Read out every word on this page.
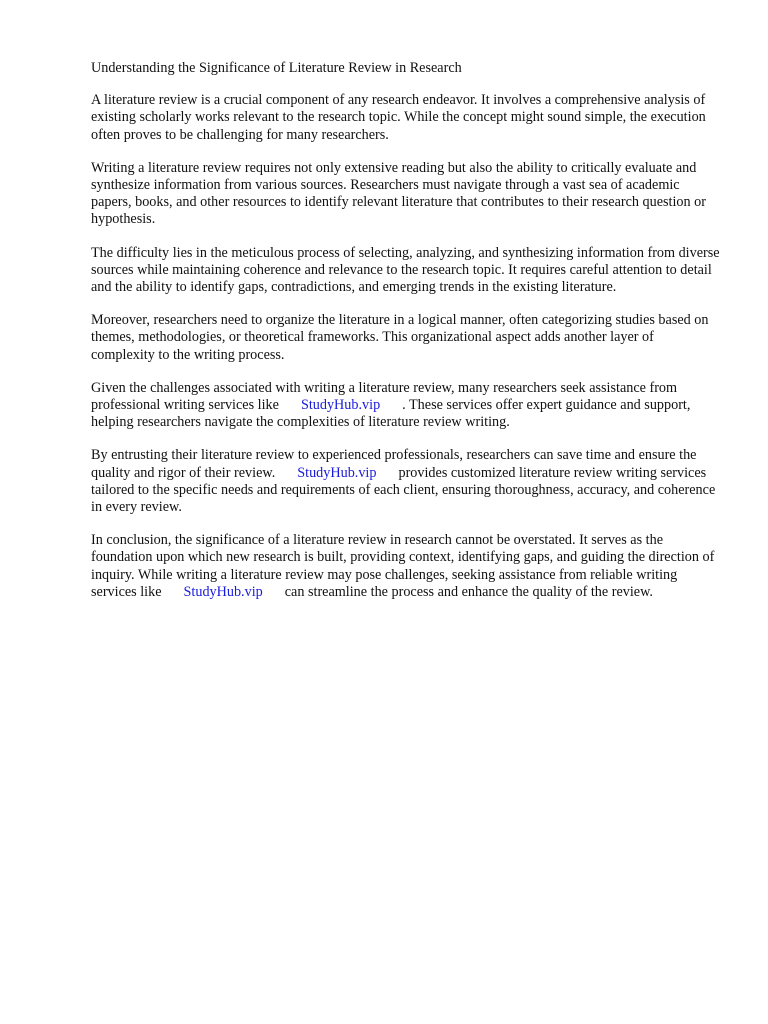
Understanding the Significance of Literature Review in Research

A literature review is a crucial component of any research endeavor. It involves a comprehensive analysis of existing scholarly works relevant to the research topic. While the concept might sound simple, the execution often proves to be challenging for many researchers.

Writing a literature review requires not only extensive reading but also the ability to critically evaluate and synthesize information from various sources. Researchers must navigate through a vast sea of academic papers, books, and other resources to identify relevant literature that contributes to their research question or hypothesis.

The difficulty lies in the meticulous process of selecting, analyzing, and synthesizing information from diverse sources while maintaining coherence and relevance to the research topic. It requires careful attention to detail and the ability to identify gaps, contradictions, and emerging trends in the existing literature.

Moreover, researchers need to organize the literature in a logical manner, often categorizing studies based on themes, methodologies, or theoretical frameworks. This organizational aspect adds another layer of complexity to the writing process.

Given the challenges associated with writing a literature review, many researchers seek assistance from professional writing services like StudyHub.vip . These services offer expert guidance and support, helping researchers navigate the complexities of literature review writing.

By entrusting their literature review to experienced professionals, researchers can save time and ensure the quality and rigor of their review. StudyHub.vip provides customized literature review writing services tailored to the specific needs and requirements of each client, ensuring thoroughness, accuracy, and coherence in every review.

In conclusion, the significance of a literature review in research cannot be overstated. It serves as the foundation upon which new research is built, providing context, identifying gaps, and guiding the direction of inquiry. While writing a literature review may pose challenges, seeking assistance from reliable writing services like StudyHub.vip can streamline the process and enhance the quality of the review.
